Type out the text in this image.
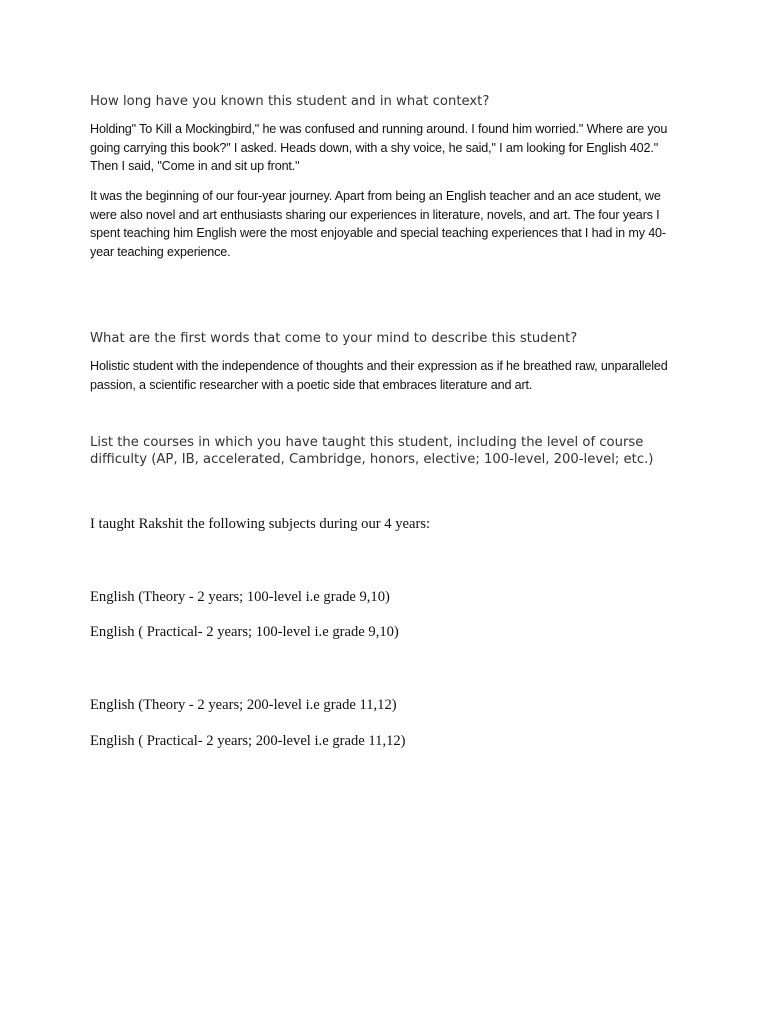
How long have you known this student and in what context?

Holding" To Kill a Mockingbird," he was confused and running around. I found him worried." Where are you going carrying this book?" I asked. Heads down, with a shy voice, he said," I am looking for English 402." Then I said, "Come in and sit up front."

It was the beginning of our four-year journey. Apart from being an English teacher and an ace student, we were also novel and art enthusiasts sharing our experiences in literature, novels, and art. The four years I spent teaching him English were the most enjoyable and special teaching experiences that I had in my 40-year teaching experience.

What are the first words that come to your mind to describe this student?

Holistic student with the independence of thoughts and their expression as if he breathed raw, unparalleled passion, a scientific researcher with a poetic side that embraces literature and art.

List the courses in which you have taught this student, including the level of course difficulty (AP, IB, accelerated, Cambridge, honors, elective; 100-level, 200-level; etc.)

I taught Rakshit the following subjects during our 4 years:

English (Theory - 2 years; 100-level i.e grade 9,10)

English ( Practical- 2 years; 100-level i.e grade 9,10)

English (Theory - 2 years; 200-level i.e grade 11,12)

English ( Practical- 2 years; 200-level i.e grade 11,12)
